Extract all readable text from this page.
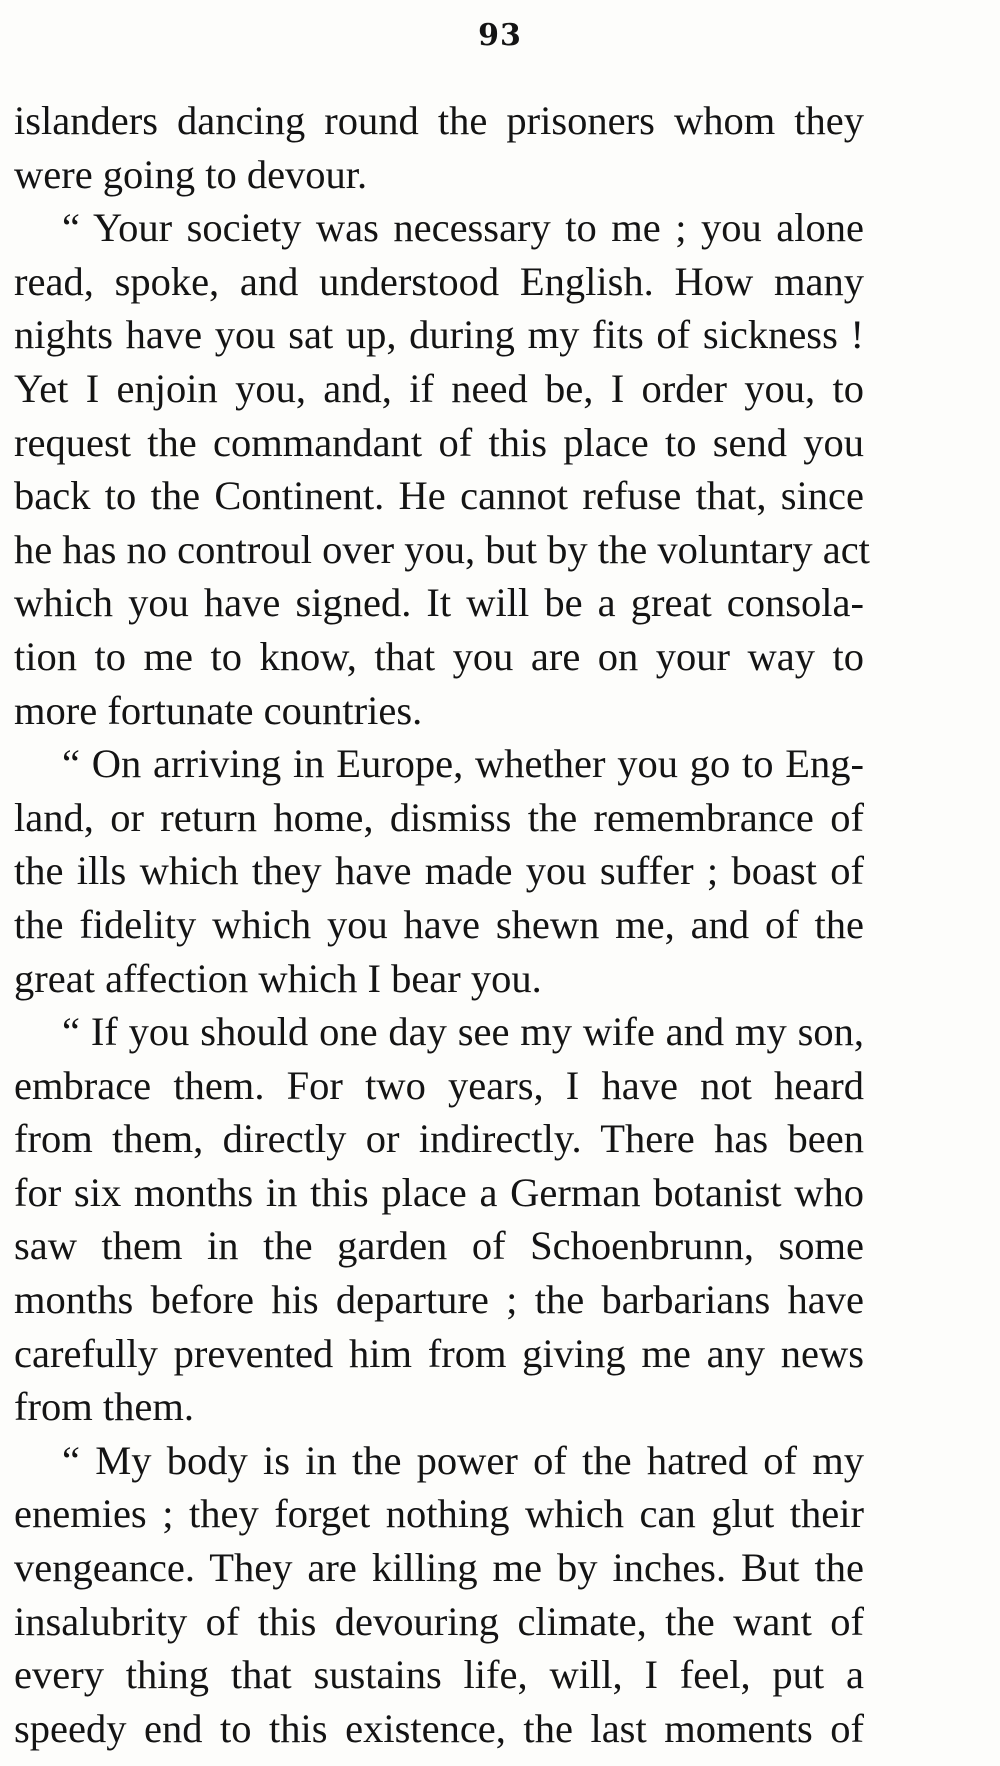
93
islanders dancing round the prisoners whom they
were going to devour.
“ Your society was necessary to me ; you alone
read, spoke, and understood English. How many
nights have you sat up, during my fits of sickness !
Yet I enjoin you, and, if need be, I order you, to
request the commandant of this place to send you
back to the Continent. He cannot refuse that, since
he has no controul over you, but by the voluntary act
which you have signed. It will be a great consola-
tion to me to know, that you are on your way to
more fortunate countries.
“ On arriving in Europe, whether you go to Eng-
land, or return home, dismiss the remembrance of
the ills which they have made you suffer ; boast of
the fidelity which you have shewn me, and of the
great affection which I bear you.
“ If you should one day see my wife and my son,
embrace them. For two years, I have not heard
from them, directly or indirectly. There has been
for six months in this place a German botanist who
saw them in the garden of Schoenbrunn, some
months before his departure ; the barbarians have
carefully prevented him from giving me any news
from them.
“ My body is in the power of the hatred of my
enemies ; they forget nothing which can glut their
vengeance. They are killing me by inches. But the
insalubrity of this devouring climate, the want of
every thing that sustains life, will, I feel, put a
speedy end to this existence, the last moments of
